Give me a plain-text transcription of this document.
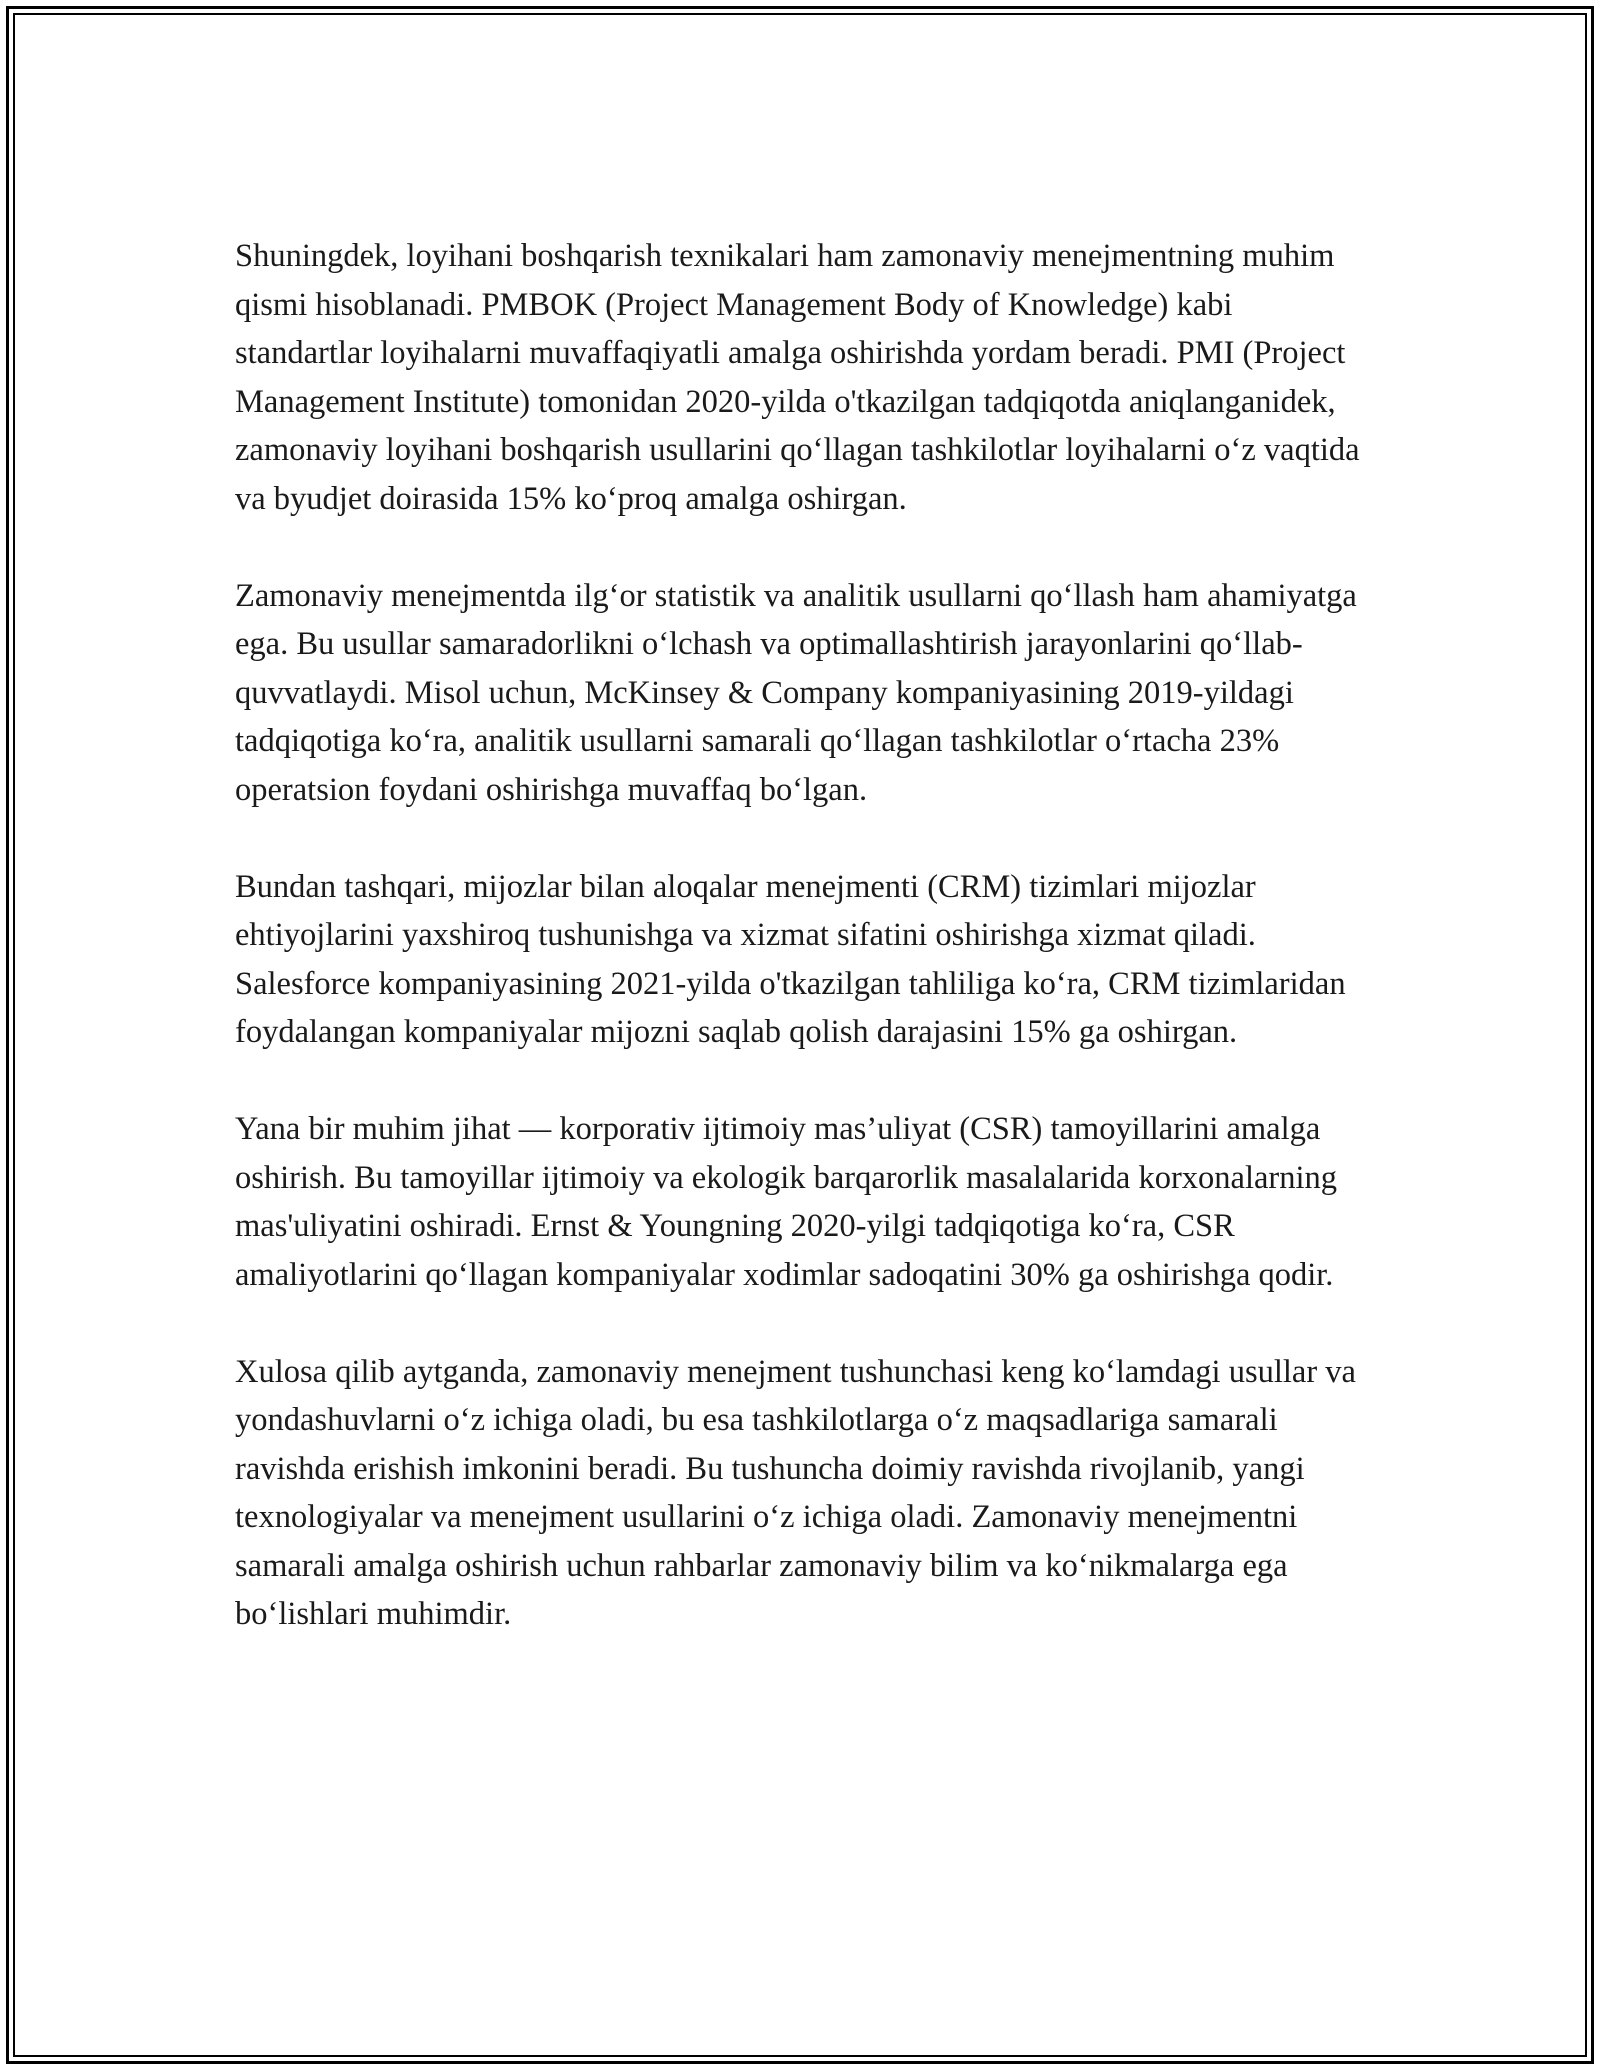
Shuningdek, loyihani boshqarish texnikalari ham zamonaviy menejmentning muhim qismi hisoblanadi. PMBOK (Project Management Body of Knowledge) kabi standartlar loyihalarni muvaffaqiyatli amalga oshirishda yordam beradi. PMI (Project Management Institute) tomonidan 2020-yilda o'tkazilgan tadqiqotda aniqlanganidek, zamonaviy loyihani boshqarish usullarini qo‘llagan tashkilotlar loyihalarni o‘z vaqtida va byudjet doirasida 15% ko‘proq amalga oshirgan.

Zamonaviy menejmentda ilg‘or statistik va analitik usullarni qo‘llash ham ahamiyatga ega. Bu usullar samaradorlikni o‘lchash va optimallashtirish jarayonlarini qo‘llab-quvvatlaydi. Misol uchun, McKinsey & Company kompaniyasining 2019-yildagi tadqiqotiga ko‘ra, analitik usullarni samarali qo‘llagan tashkilotlar o‘rtacha 23% operatsion foydani oshirishga muvaffaq bo‘lgan.

Bundan tashqari, mijozlar bilan aloqalar menejmenti (CRM) tizimlari mijozlar ehtiyojlarini yaxshiroq tushunishga va xizmat sifatini oshirishga xizmat qiladi. Salesforce kompaniyasining 2021-yilda o'tkazilgan tahliliga ko‘ra, CRM tizimlaridan foydalangan kompaniyalar mijozni saqlab qolish darajasini 15% ga oshirgan.

Yana bir muhim jihat — korporativ ijtimoiy mas’uliyat (CSR) tamoyillarini amalga oshirish. Bu tamoyillar ijtimoiy va ekologik barqarorlik masalalarida korxonalarning mas'uliyatini oshiradi. Ernst & Youngning 2020-yilgi tadqiqotiga ko‘ra, CSR amaliyotlarini qo‘llagan kompaniyalar xodimlar sadoqatini 30% ga oshirishga qodir.

Xulosa qilib aytganda, zamonaviy menejment tushunchasi keng ko‘lamdagi usullar va yondashuvlarni o‘z ichiga oladi, bu esa tashkilotlarga o‘z maqsadlariga samarali ravishda erishish imkonini beradi. Bu tushuncha doimiy ravishda rivojlanib, yangi texnologiyalar va menejment usullarini o‘z ichiga oladi. Zamonaviy menejmentni samarali amalga oshirish uchun rahbarlar zamonaviy bilim va ko‘nikmalarga ega bo‘lishlari muhimdir.
